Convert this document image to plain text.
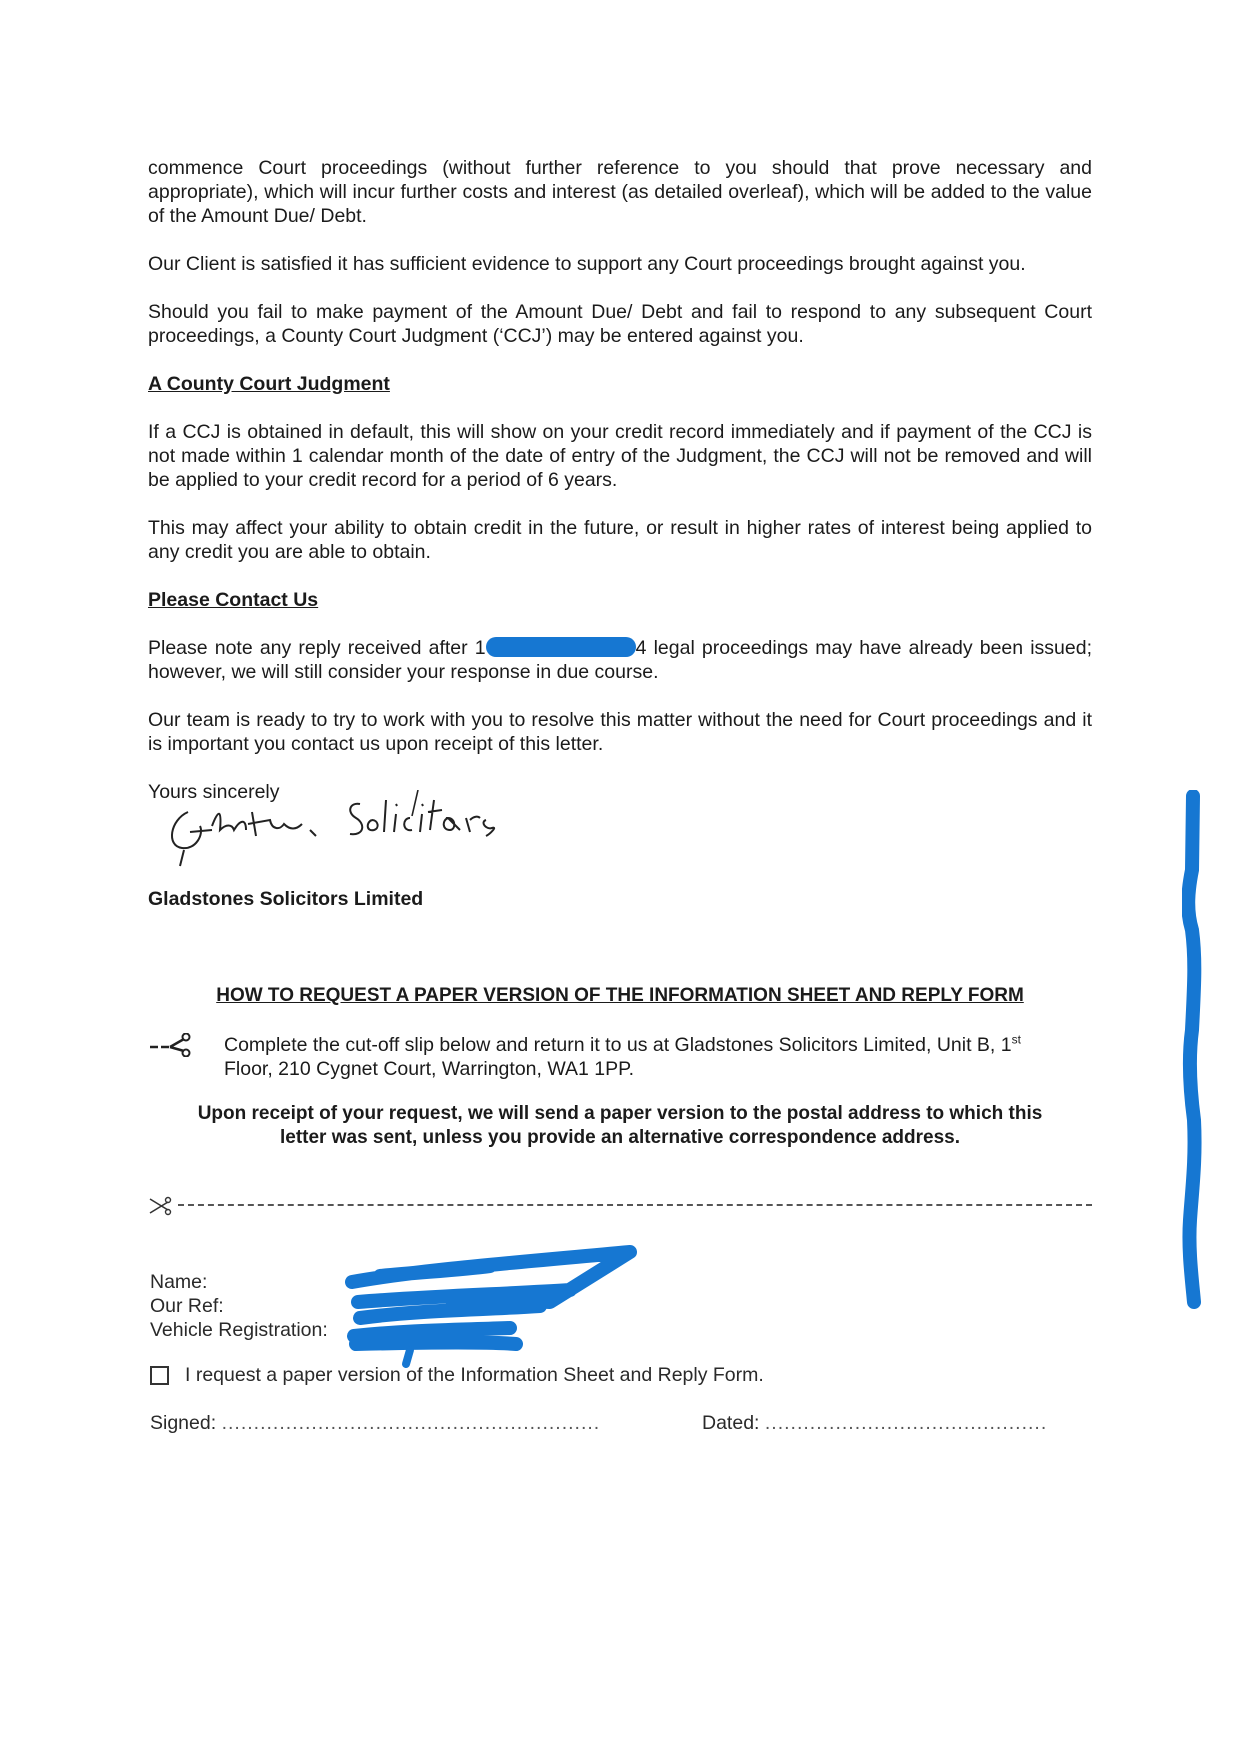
commence Court proceedings (without further reference to you should that prove necessary and appropriate), which will incur further costs and interest (as detailed overleaf), which will be added to the value of the Amount Due/ Debt.

Our Client is satisfied it has sufficient evidence to support any Court proceedings brought against you.

Should you fail to make payment of the Amount Due/ Debt and fail to respond to any subsequent Court proceedings, a County Court Judgment (‘CCJ’) may be entered against you.

A County Court Judgment

If a CCJ is obtained in default, this will show on your credit record immediately and if payment of the CCJ is not made within 1 calendar month of the date of entry of the Judgment, the CCJ will not be removed and will be applied to your credit record for a period of 6 years.

This may affect your ability to obtain credit in the future, or result in higher rates of interest being applied to any credit you are able to obtain.

Please Contact Us

Please note any reply received after 1	4 legal proceedings may have already been issued; however, we will still consider your response in due course.

Our team is ready to try to work with you to resolve this matter without the need for Court proceedings and it is important you contact us upon receipt of this letter.

Yours sincerely

Gladstones Solicitors Limited
HOW TO REQUEST A PAPER VERSION OF THE INFORMATION SHEET AND REPLY FORM
Complete the cut-off slip below and return it to us at Gladstones Solicitors Limited, Unit B, 1st
Floor, 210 Cygnet Court, Warrington, WA1 1PP.
Upon receipt of your request, we will send a paper version to the postal address to which this
letter was sent, unless you provide an alternative correspondence address.
Name:
Our Ref:
Vehicle Registration:
I request a paper version of the Information Sheet and Reply Form.
Signed: ...........................................................	Dated: ............................................
